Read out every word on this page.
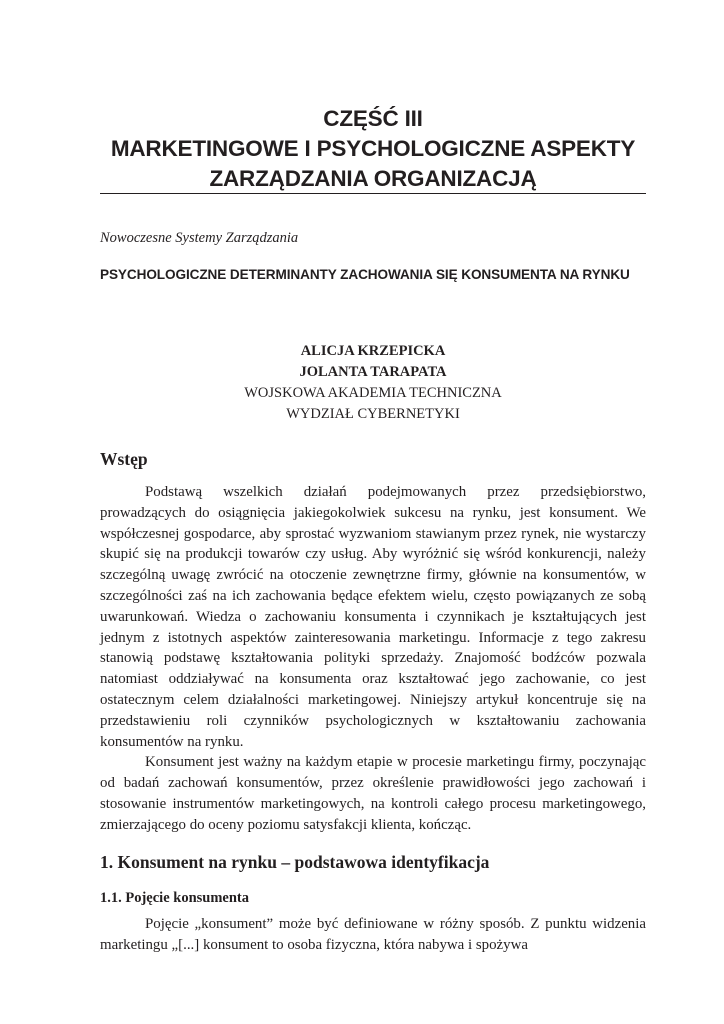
CZĘŚĆ III
MARKETINGOWE I PSYCHOLOGICZNE ASPEKTY
ZARZĄDZANIA ORGANIZACJĄ
Nowoczesne Systemy Zarządzania
PSYCHOLOGICZNE DETERMINANTY ZACHOWANIA SIĘ KONSUMENTA NA RYNKU
ALICJA KRZEPICKA
JOLANTA TARAPATA
WOJSKOWA AKADEMIA TECHNICZNA
WYDZIAŁ CYBERNETYKI
Wstęp

Podstawą wszelkich działań podejmowanych przez przedsiębiorstwo, prowadzących do osiągnięcia jakiegokolwiek sukcesu na rynku, jest konsument. We współczesnej gospodarce, aby sprostać wyzwaniom stawianym przez rynek, nie wystarczy skupić się na produkcji towarów czy usług. Aby wyróżnić się wśród konkurencji, należy szczególną uwagę zwrócić na otoczenie zewnętrzne firmy, głównie na konsumentów, w szczególności zaś na ich zachowania będące efektem wielu, często powiązanych ze sobą uwarunkowań. Wiedza o zachowaniu konsumenta i czynnikach je kształtujących jest jednym z istotnych aspektów zainteresowania marketingu. Informacje z tego zakresu stanowią podstawę kształtowania polityki sprzedaży. Znajomość bodźców pozwala natomiast oddziaływać na konsumenta oraz kształtować jego zachowanie, co jest ostatecznym celem działalności marketingowej. Niniejszy artykuł koncentruje się na przedstawieniu roli czynników psychologicznych w kształtowaniu zachowania konsumentów na rynku.

Konsument jest ważny na każdym etapie w procesie marketingu firmy, poczynając od badań zachowań konsumentów, przez określenie prawidłowości jego zachowań i stosowanie instrumentów marketingowych, na kontroli całego procesu marketingowego, zmierzającego do oceny poziomu satysfakcji klienta, kończąc.

1. Konsument na rynku – podstawowa identyfikacja
1.1. Pojęcie konsumenta

Pojęcie „konsument” może być definiowane w różny sposób. Z punktu widzenia marketingu „[...] konsument to osoba fizyczna, która nabywa i spożywa
